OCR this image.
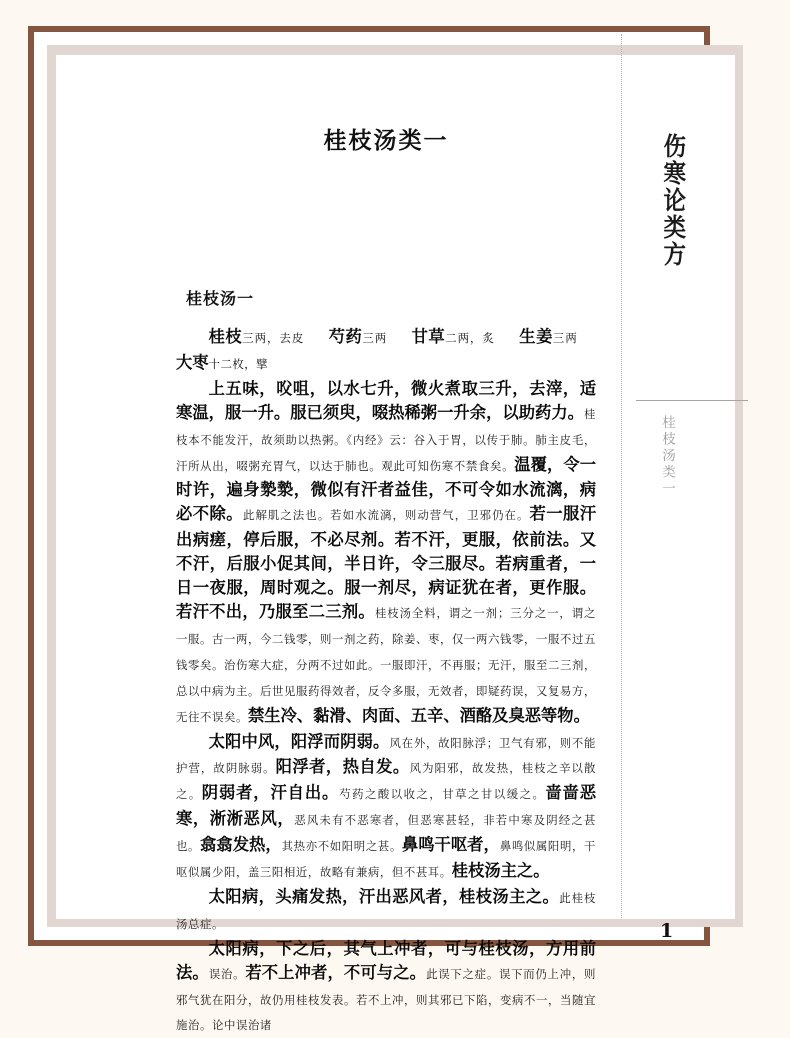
桂枝汤类一
桂枝汤一

桂枝三两，去皮 芍药三两 甘草二两，炙 生姜三两  大枣十二枚，擘

上五味，㕮咀，以水七升，微火煮取三升，去滓，适寒温，服一升。服已须臾，啜热稀粥一升余，以助药力。桂枝本不能发汗，故须助以热粥。《内经》云：谷入于胃，以传于肺。肺主皮毛，汗所从出，啜粥充胃气，以达于肺也。观此可知伤寒不禁食矣。温覆，令一时许，遍身漐漐，微似有汗者益佳，不可令如水流漓，病必不除。此解肌之法也。若如水流漓，则动营气，卫邪仍在。若一服汗出病瘥，停后服，不必尽剂。若不汗，更服，依前法。又不汗，后服小促其间，半日许，令三服尽。若病重者，一日一夜服，周时观之。服一剂尽，病证犹在者，更作服。若汗不出，乃服至二三剂。桂枝汤全料，谓之一剂；三分之一，谓之一服。古一两，今二钱零，则一剂之药，除姜、枣，仅一两六钱零，一服不过五钱零矣。治伤寒大症，分两不过如此。一服即汗，不再服；无汗，服至二三剂，总以中病为主。后世见服药得效者，反令多服，无效者，即疑药误，又复易方，无往不误矣。禁生冷、黏滑、肉面、五辛、酒酪及臭恶等物。

太阳中风，阳浮而阴弱。风在外，故阳脉浮；卫气有邪，则不能护营，故阴脉弱。阳浮者，热自发。风为阳邪，故发热，桂枝之辛以散之。阴弱者，汗自出。芍药之酸以收之，甘草之甘以缓之。啬啬恶寒，淅淅恶风，恶风未有不恶寒者，但恶寒甚轻，非若中寒及阴经之甚也。翕翕发热，其热亦不如阳明之甚。鼻鸣干呕者，鼻鸣似属阳明，干呕似属少阳，盖三阳相近，故略有兼病，但不甚耳。桂枝汤主之。

太阳病，头痛发热，汗出恶风者，桂枝汤主之。此桂枝汤总症。

太阳病，下之后，其气上冲者，可与桂枝汤，方用前法。误治。若不上冲者，不可与之。此误下之症。误下而仍上冲，则邪气犹在阳分，故仍用桂枝发表。若不上冲，则其邪已下陷，变病不一，当随宜施治。论中误治诸

伤寒论类方
桂枝汤类一
1
